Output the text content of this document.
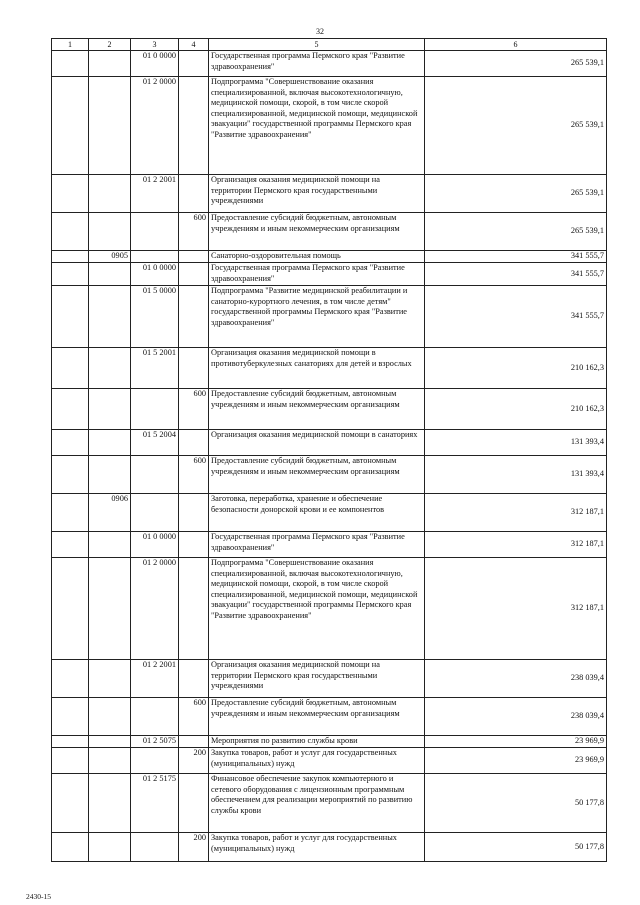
32
1	2	3	4	5	6
		01 0 0000		Государственная программа Пермского края "Развитие здравоохранения"	265 539,1
		01 2 0000		Подпрограмма "Совершенствование оказания специализированной, включая высокотехнологичную, медицинской помощи, скорой, в том числе скорой специализированной, медицинской помощи, медицинской эвакуации" государственной программы Пермского края "Развитие здравоохранения"	265 539,1
		01 2 2001		Организация оказания медицинской помощи на территории Пермского края государственными учреждениями	265 539,1
			600	Предоставление субсидий бюджетным, автономным учреждениям и иным некоммерческим организациям	265 539,1
	0905			Санаторно-оздоровительная помощь	341 555,7
		01 0 0000		Государственная программа Пермского края "Развитие здравоохранения"	341 555,7
		01 5 0000		Подпрограмма "Развитие медицинской реабилитации и санаторно-курортного лечения, в том числе детям" государственной программы Пермского края "Развитие здравоохранения"	341 555,7
		01 5 2001		Организация оказания медицинской помощи в противотуберкулезных санаториях для детей и взрослых	210 162,3
			600	Предоставление субсидий бюджетным, автономным учреждениям и иным некоммерческим организациям	210 162,3
		01 5 2004		Организация оказания медицинской помощи в санаториях	131 393,4
			600	Предоставление субсидий бюджетным, автономным учреждениям и иным некоммерческим организациям	131 393,4
	0906			Заготовка, переработка, хранение и обеспечение безопасности донорской крови и ее компонентов	312 187,1
		01 0 0000		Государственная программа Пермского края "Развитие здравоохранения"	312 187,1
		01 2 0000		Подпрограмма "Совершенствование оказания специализированной, включая высокотехнологичную, медицинской помощи, скорой, в том числе скорой специализированной, медицинской помощи, медицинской эвакуации" государственной программы Пермского края "Развитие здравоохранения"	312 187,1
		01 2 2001		Организация оказания медицинской помощи на территории Пермского края государственными учреждениями	238 039,4
			600	Предоставление субсидий бюджетным, автономным учреждениям и иным некоммерческим организациям	238 039,4
		01 2 5075		Мероприятия по развитию службы крови	23 969,9
			200	Закупка товаров, работ и услуг для государственных (муниципальных) нужд	23 969,9
		01 2 5175		Финансовое обеспечение закупок компьютерного и сетевого оборудования с лицензионным программным обеспечением для реализации мероприятий по развитию службы крови	50 177,8
			200	Закупка товаров, работ и услуг для государственных (муниципальных) нужд	50 177,8
2430-15
